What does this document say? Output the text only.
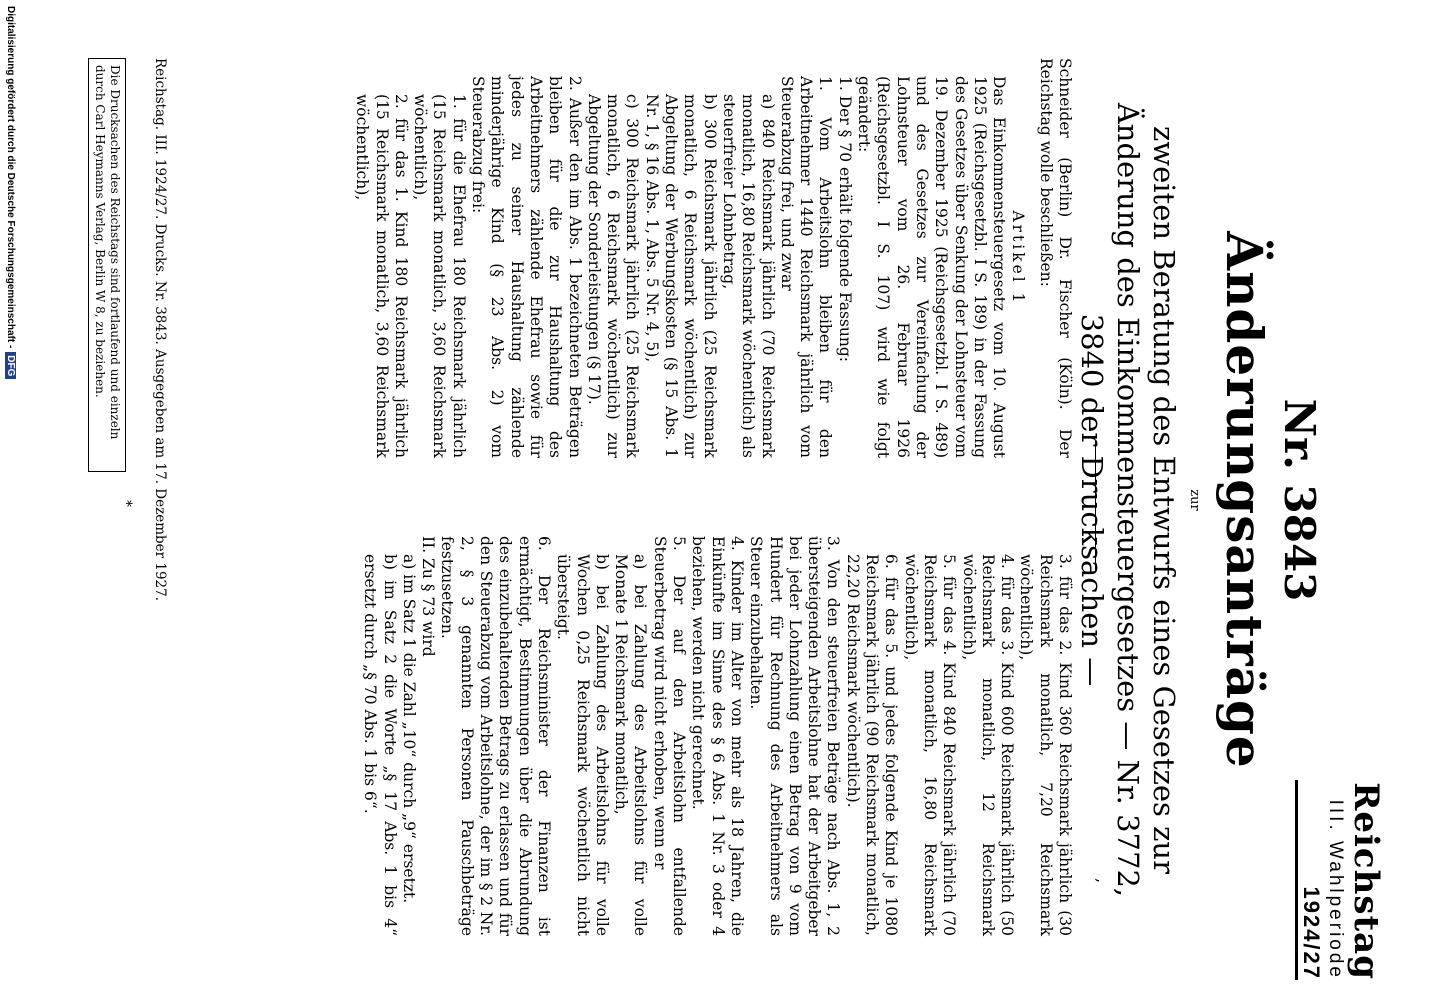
Reichstag
III. Wahlperiode
1924/27
Nr. 3843
Änderungsanträge
zur
zweiten Beratung des Entwurfs eines Gesetzes zur Änderung des Einkommensteuergesetzes — Nr. 3772, 3840 der Drucksachen —
,

Schneider (Berlin) Dr. Fischer (Köln). Der Reichstag wolle beschließen:

Artikel 1

Das Einkommensteuergesetz vom 10. August 1925 (Reichsgesetzbl. I S. 189) in der Fassung des Gesetzes über Senkung der Lohnsteuer vom 19. Dezember 1925 (Reichsgesetzbl. I S. 489) und des Gesetzes zur Vereinfachung der Lohnsteuer vom 26. Februar 1926 (Reichsgesetzbl. I S. 107) wird wie folgt geändert:

1. Der § 70 erhält folgende Fassung:

1. Vom Arbeitslohn bleiben für den Arbeitnehmer 1440 Reichsmark jährlich vom Steuerabzug frei, und zwar

a) 840 Reichsmark jährlich (70 Reichsmark monatlich, 16,80 Reichsmark wöchentlich) als steuerfreier Lohnbetrag,

b) 300 Reichsmark jährlich (25 Reichsmark monatlich, 6 Reichsmark wöchentlich) zur Abgeltung der Werbungskosten (§ 15 Abs. 1 Nr. 1, § 16 Abs. 1, Abs. 5 Nr. 4, 5),

c) 300 Reichsmark jährlich (25 Reichsmark monatlich, 6 Reichsmark wöchentlich) zur Abgeltung der Sonderleistungen (§ 17).

2. Außer den im Abs. 1 bezeichneten Beträgen bleiben für die zur Haushaltung des Arbeitnehmers zählende Ehefrau sowie für jedes zu seiner Haushaltung zählende minderjährige Kind (§ 23 Abs. 2) vom Steuerabzug frei:

1. für die Ehefrau 180 Reichsmark jährlich (15 Reichsmark monatlich, 3,60 Reichsmark wöchentlich),

2. für das 1. Kind 180 Reichsmark jährlich (15 Reichsmark monatlich, 3,60 Reichsmark wöchentlich),

3. für das 2. Kind 360 Reichsmark jährlich (30 Reichsmark monatlich, 7,20 Reichsmark wöchentlich),

4. für das 3. Kind 600 Reichsmark jährlich (50 Reichsmark monatlich, 12 Reichsmark wöchentlich),

5. für das 4. Kind 840 Reichsmark jährlich (70 Reichsmark monatlich, 16,80 Reichsmark wöchentlich),

6. für das 5. und jedes folgende Kind je 1080 Reichsmark jährlich (90 Reichsmark monatlich, 22,20 Reichsmark wöchentlich).

3. Von den steuerfreien Beträge nach Abs. 1, 2 übersteigenden Arbeitslohne hat der Arbeitgeber bei jeder Lohnzahlung einen Betrag von 9 vom Hundert für Rechnung des Arbeitnehmers als Steuer einzubehalten.

4. Kinder im Alter von mehr als 18 Jahren, die Einkünfte im Sinne des § 6 Abs. 1 Nr. 3 oder 4 beziehen, werden nicht gerechnet.

5. Der auf den Arbeitslohn entfallende Steuerbetrag wird nicht erhoben, wenn er

a) bei Zahlung des Arbeitslohns für volle Monate 1 Reichsmark monatlich,

b) bei Zahlung des Arbeitslohns für volle Wochen 0,25 Reichsmark wöchentlich nicht übersteigt.

6. Der Reichsminister der Finanzen ist ermächtigt, Bestimmungen über die Abrundung des einzubehaltenden Betrags zu erlassen und für den Steuerabzug vom Arbeitslohne, der im § 2 Nr. 2, § 3 genannten Personen Pauschbeträge festzusetzen.

II. Zu § 73 wird

a) im Satz 1 die Zahl „10“ durch „9“ ersetzt.

b) im Satz 2 die Worte „§ 17 Abs. 1 bis 4“ ersetzt durch „§ 70 Abs. 1 bis 6“.

Reichstag. III. 1924/27. Drucks. Nr. 3843. Ausgegeben am 17. Dezember 1927.
*
Die Drucksachen des Reichstags sind fortlaufend und einzeln durch Carl Heymanns Verlag, Berlin W 8, zu beziehen.
Digitalisierung gefördert durch die Deutsche Forschungsgemeinschaft -DFG
